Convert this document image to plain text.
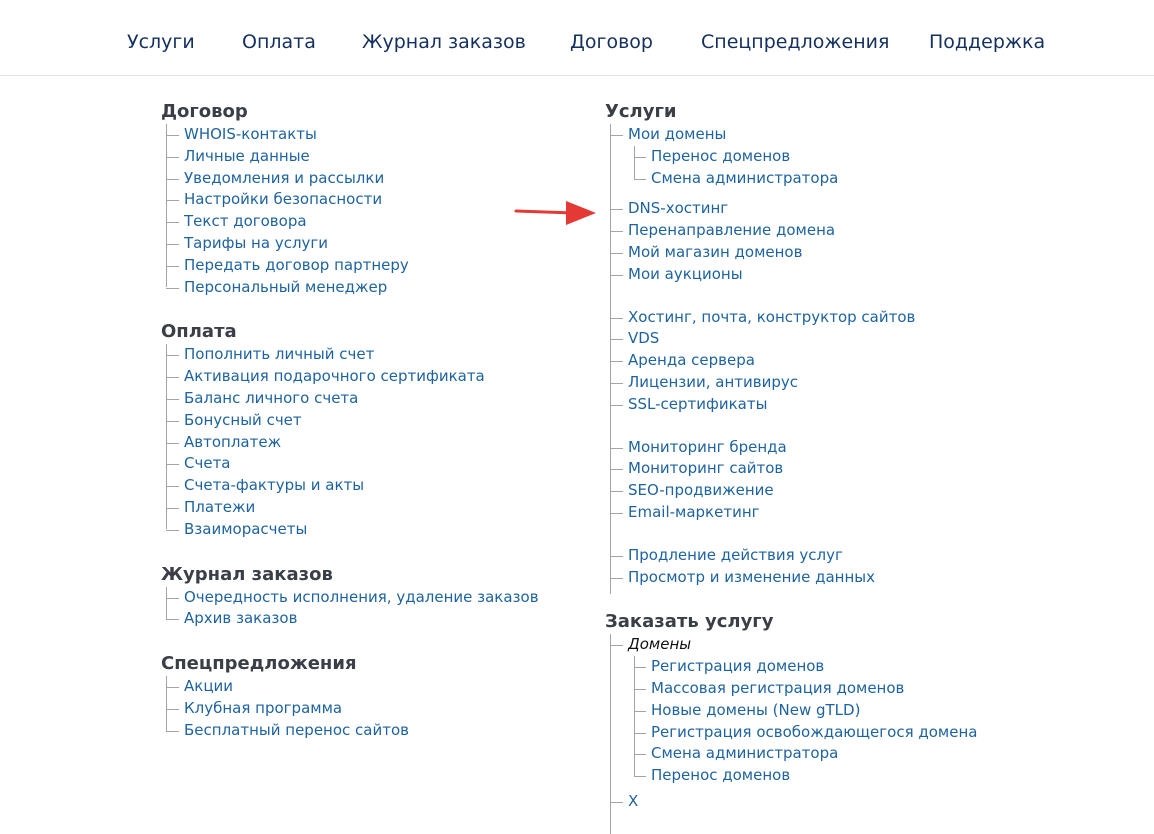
Услуги Оплата Журнал заказов Договор	Спецпредложения Поддержка
Договор
WHOIS-контакты
Личные данные
Уведомления и рассылки
Настройки безопасности
Текст договора
Тарифы на услуги
Передать договор партнеру
Персональный менеджер
Оплата
Пополнить личный счет
Активация подарочного сертификата
Баланс личного счета
Бонусный счет
Автоплатеж
Счета
Счета-фактуры и акты
Платежи
Взаиморасчеты
Журнал заказов
Очередность исполнения, удаление заказов
Архив заказов
Спецпредложения
Акции
Клубная программа
Бесплатный перенос сайтов
Услуги
Мои домены
Перенос доменов
Смена администратора
DNS-хостинг
Перенаправление домена
Мой магазин доменов
Мои аукционы
Хостинг, почта, конструктор сайтов
VDS
Аренда сервера
Лицензии, антивирус
SSL-сертификаты
Мониторинг бренда
Мониторинг сайтов
SEO-продвижение
Email-маркетинг
Продление действия услуг
Просмотр и изменение данных
Заказать услугу
Домены
Регистрация доменов
Массовая регистрация доменов
Новые домены (New gTLD)
Регистрация освобождающегося домена
Смена администратора
Перенос доменов
Х
